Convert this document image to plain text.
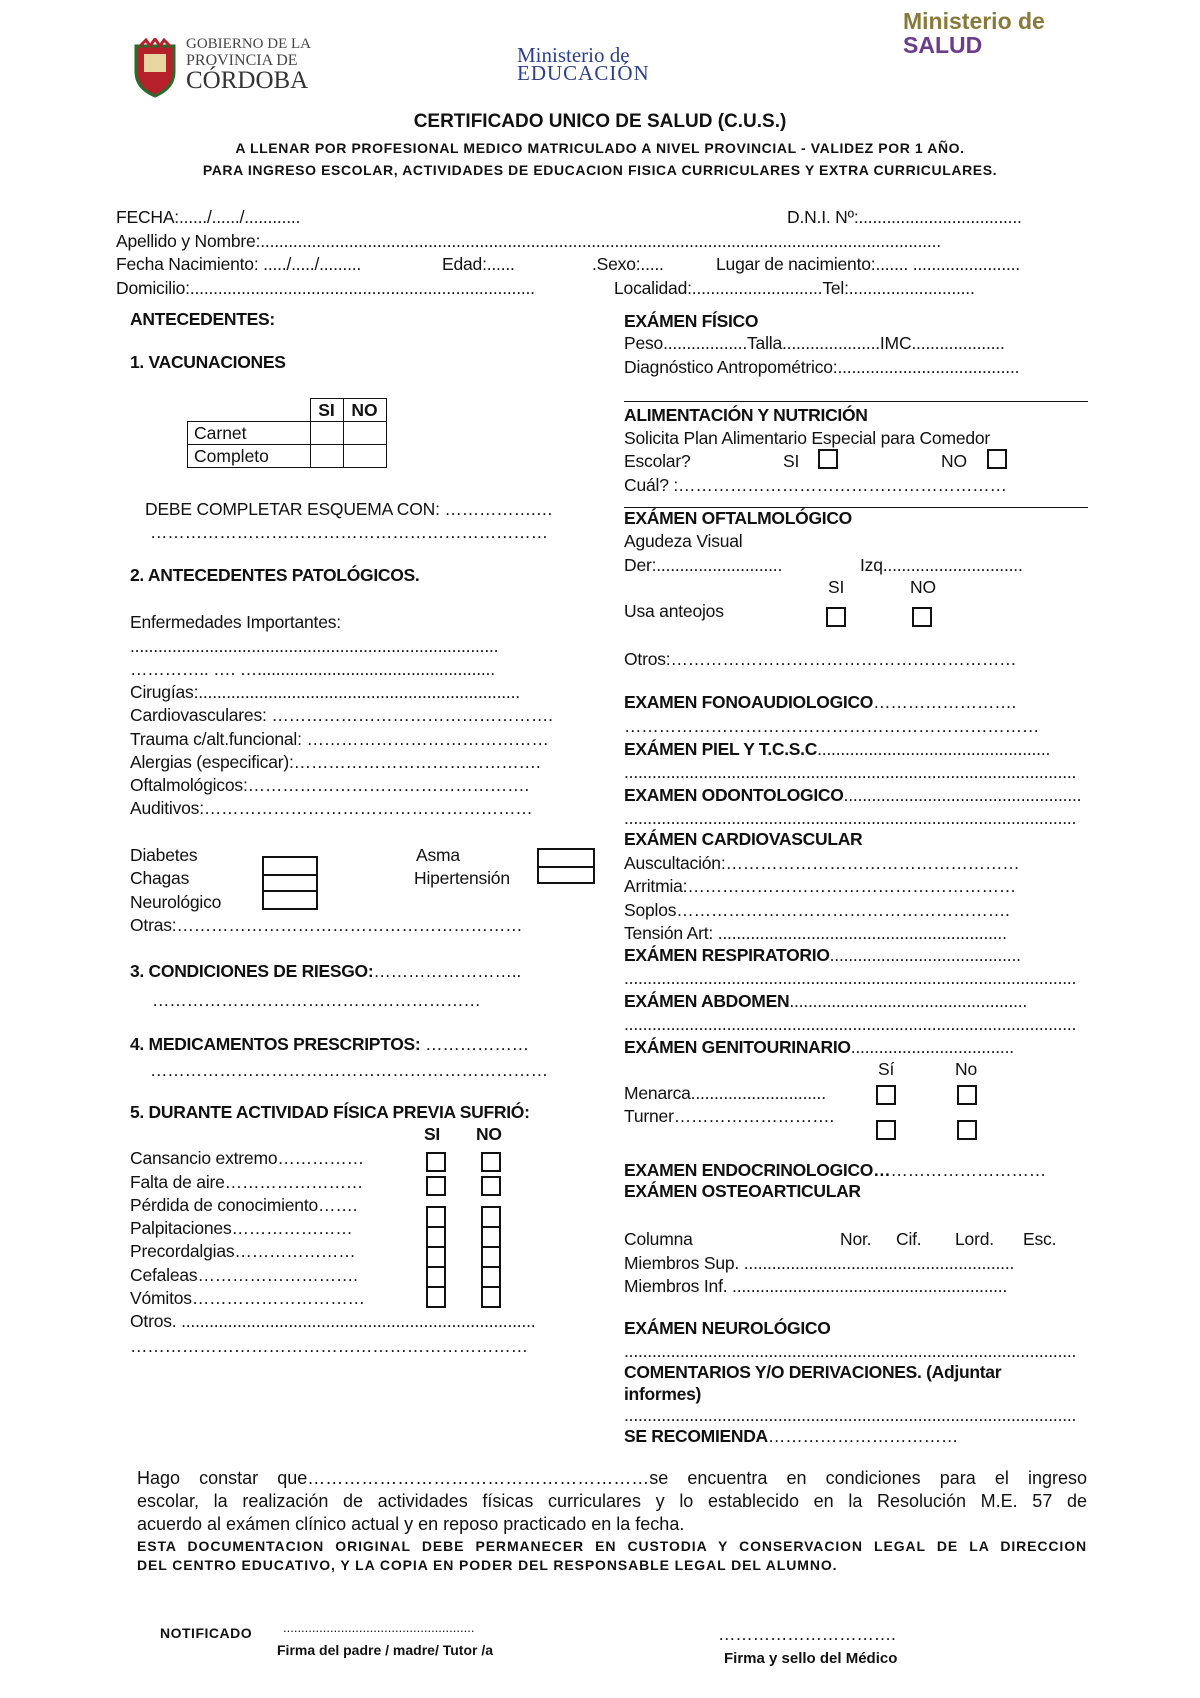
GOBIERNO DE LA
PROVINCIA DE
CÓRDOBA
Ministerio de
EDUCACIÓN
Ministerio de
SALUD
CERTIFICADO UNICO DE SALUD (C.U.S.)
A LLENAR POR PROFESIONAL MEDICO MATRICULADO A NIVEL PROVINCIAL - VALIDEZ POR 1 AÑO.
PARA INGRESO ESCOLAR, ACTIVIDADES DE EDUCACION FISICA CURRICULARES Y EXTRA CURRICULARES.
FECHA:....../....../............	D.N.I. Nº:...................................
Apellido y Nombre:..................................................................................................................................................
Fecha Nacimiento: ...../...../.........	Edad:......	.Sexo:.....	Lugar de nacimiento:....... .......................
Domicilio:..........................................................................	Localidad:............................Tel:...........................
ANTECEDENTES:
1. VACUNACIONES
	SI	NO
Carnet		
Completo		
DEBE COMPLETAR ESQUEMA CON: …………….…
……………………………………………………………
2. ANTECEDENTES PATOLÓGICOS.
Enfermedades Importantes:
...............................................................................
………….. …. …...................................................
Cirugías:.....................................................................
Cardiovasculares: ………………………………………….
Trauma c/alt.funcional: ……………………………………
Alergias (especificar):…………………………………….
Oftalmológicos:………………………………………….
Auditivos:…………………………………………………
Diabetes
Chagas
Neurológico
Asma
Hipertensión
Otras:……………………………………………………
3. CONDICIONES DE RIESGO:……………………..
…………………………………………………
4. MEDICAMENTOS PRESCRIPTOS: ………………
……………………………………………………………
5. DURANTE ACTIVIDAD FÍSICA PREVIA SUFRIÓ:
SI NO
Cansancio extremo……………
Falta de aire……………………
Pérdida de conocimiento…….
Palpitaciones…………………
Precordalgias…………………
Cefaleas……………………….
Vómitos…………………………
Otros. ............................................................................
……………………………………………………………
EXÁMEN FÍSICO
Peso..................Talla.....................IMC....................
Diagnóstico Antropométrico:.......................................
ALIMENTACIÓN Y NUTRICIÓN
Solicita Plan Alimentario Especial para Comedor
Escolar?	SI	NO
Cuál? :…………………………………………………
EXÁMEN OFTALMOLÓGICO
Agudeza Visual
Der:...........................	Izq..............................
SI	NO
Usa anteojos
Otros:……………………………………………………
EXAMEN FONOAUDIOLOGICO…………………….
………………………………………………………………
EXÁMEN PIEL Y T.C.S.C..................................................
.................................................................................................
EXAMEN ODONTOLOGICO...................................................
.................................................................................................
EXÁMEN CARDIOVASCULAR
Auscultación:……………………………………………
Arritmia:…………………………………………………
Soplos………………………………………………….
Tensión Art: ..............................................................
EXÁMEN RESPIRATORIO.........................................
.................................................................................................
EXÁMEN ABDOMEN...................................................
.................................................................................................
EXÁMEN GENITOURINARIO...................................
Sí	No
Menarca.............................
Turner……………………….
EXAMEN ENDOCRINOLOGICO…………………………
EXÁMEN OSTEOARTICULAR
Columna	Nor. Cif. Lord. Esc.
Miembros Sup. ..........................................................
Miembros Inf. ...........................................................
EXÁMEN NEUROLÓGICO
.................................................................................................
COMENTARIOS Y/O DERIVACIONES. (Adjuntar
informes)
.................................................................................................
SE RECOMIENDA……………………………
Hago constar que…………………………………………………se encuentra en condiciones para el ingreso
escolar, la realización de actividades físicas curriculares y lo establecido en la Resolución M.E. 57 de
acuerdo al exámen clínico actual y en reposo practicado en la fecha.
ESTA DOCUMENTACION ORIGINAL DEBE PERMANECER EN CUSTODIA Y CONSERVACION LEGAL DE LA DIRECCION
DEL CENTRO EDUCATIVO, Y LA COPIA EN PODER DEL RESPONSABLE LEGAL DEL ALUMNO.
NOTIFICADO .....................................................
Firma del padre / madre/ Tutor /a
………………………….
Firma y sello del Médico
